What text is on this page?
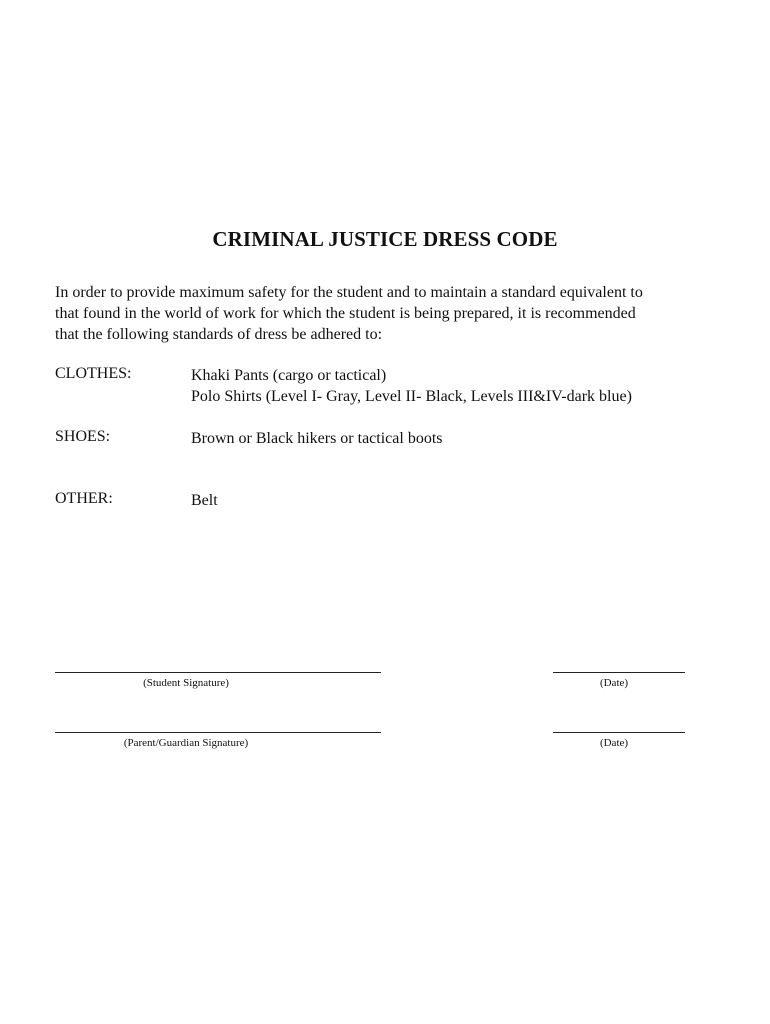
CRIMINAL JUSTICE DRESS CODE
In order to provide maximum safety for the student and to maintain a standard equivalent to
that found in the world of work for which the student is being prepared, it is recommended
that the following standards of dress be adhered to:
CLOTHES:	Khaki Pants (cargo or tactical)
Polo Shirts (Level I- Gray, Level II- Black, Levels III&IV-dark blue)
SHOES:	Brown or Black hikers or tactical boots
OTHER:	Belt
(Student Signature)	(Date)
(Parent/Guardian Signature)	(Date)
